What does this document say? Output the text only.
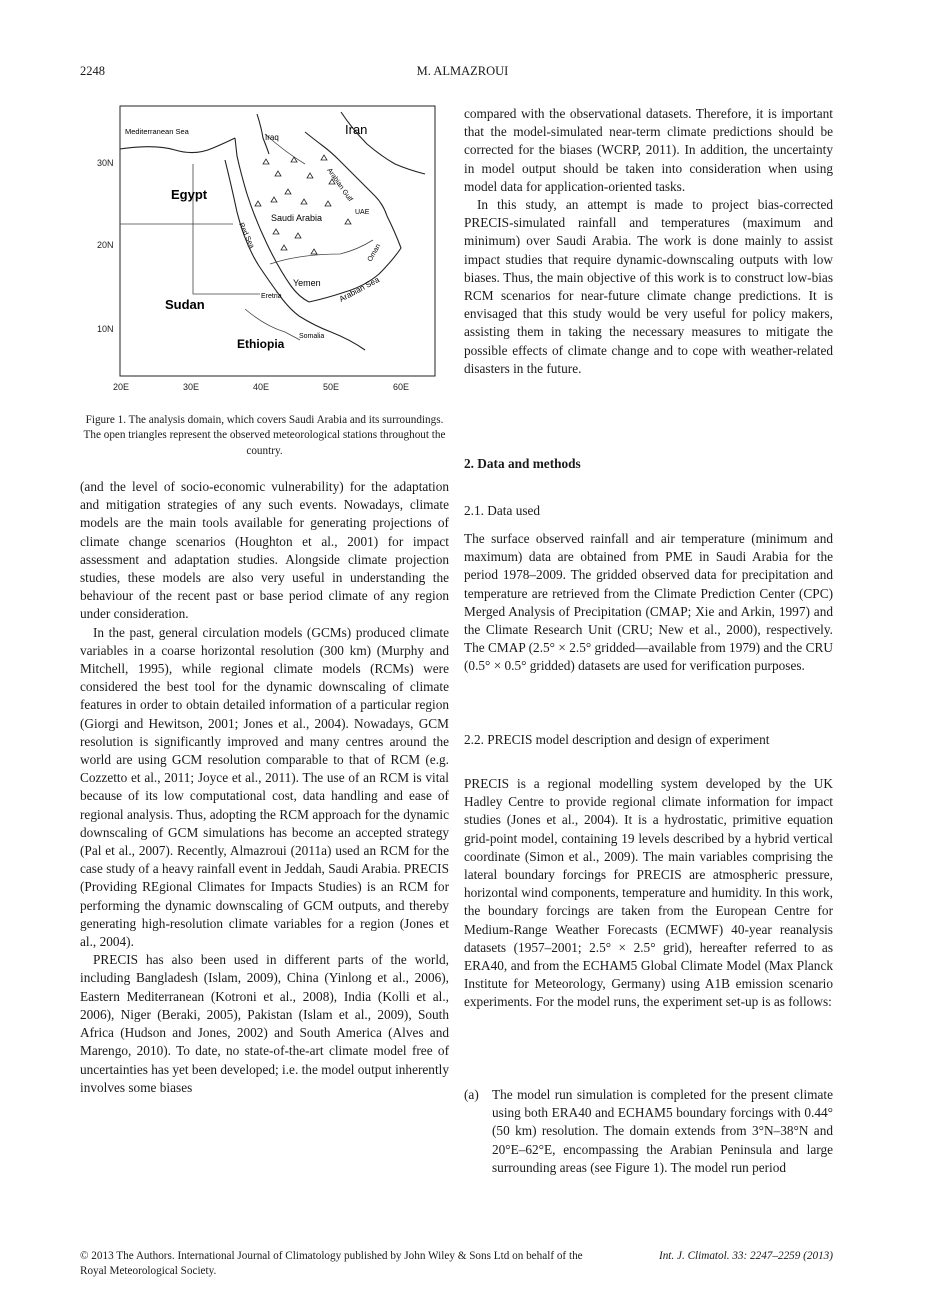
2248	M. ALMAZROUI
Mediterranean Sea
Iraq
Iran
Egypt
Saudi Arabia
Arabian Gulf
UAE
Oman
Red Sea
Sudan
Eretria
Yemen Arabian Sea
Ethiopia
Somalia
30N
20N
10N
20E	30E	40E	50E	60E
Figure 1. The analysis domain, which covers Saudi Arabia and its surroundings. The open triangles represent the observed meteorological stations throughout the country.

(and the level of socio-economic vulnerability) for the adaptation and mitigation strategies of any such events. Nowadays, climate models are the main tools available for generating projections of climate change scenarios (Houghton et al., 2001) for impact assessment and adaptation studies. Alongside climate projection studies, these models are also very useful in understanding the behaviour of the recent past or base period climate of any region under consideration.

In the past, general circulation models (GCMs) produced climate variables in a coarse horizontal resolution (300 km) (Murphy and Mitchell, 1995), while regional climate models (RCMs) were considered the best tool for the dynamic downscaling of climate features in order to obtain detailed information of a particular region (Giorgi and Hewitson, 2001; Jones et al., 2004). Nowadays, GCM resolution is significantly improved and many centres around the world are using GCM resolution comparable to that of RCM (e.g. Cozzetto et al., 2011; Joyce et al., 2011). The use of an RCM is vital because of its low computational cost, data handling and ease of regional analysis. Thus, adopting the RCM approach for the dynamic downscaling of GCM simulations has become an accepted strategy (Pal et al., 2007). Recently, Almazroui (2011a) used an RCM for the case study of a heavy rainfall event in Jeddah, Saudi Arabia. PRECIS (Providing REgional Climates for Impacts Studies) is an RCM for performing the dynamic downscaling of GCM outputs, and thereby generating high-resolution climate variables for a region (Jones et al., 2004).

PRECIS has also been used in different parts of the world, including Bangladesh (Islam, 2009), China (Yinlong et al., 2006), Eastern Mediterranean (Kotroni et al., 2008), India (Kolli et al., 2006), Niger (Beraki, 2005), Pakistan (Islam et al., 2009), South Africa (Hudson and Jones, 2002) and South America (Alves and Marengo, 2010). To date, no state-of-the-art climate model free of uncertainties has yet been developed; i.e. the model output inherently involves some biases

compared with the observational datasets. Therefore, it is important that the model-simulated near-term climate predictions should be corrected for the biases (WCRP, 2011). In addition, the uncertainty in model output should be taken into consideration when using model data for application-oriented tasks.

In this study, an attempt is made to project bias-corrected PRECIS-simulated rainfall and temperatures (maximum and minimum) over Saudi Arabia. The work is done mainly to assist impact studies that require dynamic-downscaling outputs with low biases. Thus, the main objective of this work is to construct low-bias RCM scenarios for near-future climate change predictions. It is envisaged that this study would be very useful for policy makers, assisting them in taking the necessary measures to mitigate the possible effects of climate change and to cope with weather-related disasters in the future.

2. Data and methods
2.1. Data used

The surface observed rainfall and air temperature (minimum and maximum) data are obtained from PME in Saudi Arabia for the period 1978–2009. The gridded observed data for precipitation and temperature are retrieved from the Climate Prediction Center (CPC) Merged Analysis of Precipitation (CMAP; Xie and Arkin, 1997) and the Climate Research Unit (CRU; New et al., 2000), respectively. The CMAP (2.5° × 2.5° gridded—available from 1979) and the CRU (0.5° × 0.5° gridded) datasets are used for verification purposes.

2.2. PRECIS model description and design of experiment

PRECIS is a regional modelling system developed by the UK Hadley Centre to provide regional climate information for impact studies (Jones et al., 2004). It is a hydrostatic, primitive equation grid-point model, containing 19 levels described by a hybrid vertical coordinate (Simon et al., 2009). The main variables comprising the lateral boundary forcings for PRECIS are atmospheric pressure, horizontal wind components, temperature and humidity. In this work, the boundary forcings are taken from the European Centre for Medium-Range Weather Forecasts (ECMWF) 40-year reanalysis datasets (1957–2001; 2.5° × 2.5° grid), hereafter referred to as ERA40, and from the ECHAM5 Global Climate Model (Max Planck Institute for Meteorology, Germany) using A1B emission scenario experiments. For the model runs, the experiment set-up is as follows:

(a) The model run simulation is completed for the present climate using both ERA40 and ECHAM5 boundary forcings with 0.44° (50 km) resolution. The domain extends from 3°N–38°N and 20°E–62°E, encompassing the Arabian Peninsula and large surrounding areas (see Figure 1). The model run period
© 2013 The Authors. International Journal of Climatology published by John Wiley & Sons Ltd on behalf of the Royal Meteorological Society.
Int. J. Climatol. 33: 2247–2259 (2013)
